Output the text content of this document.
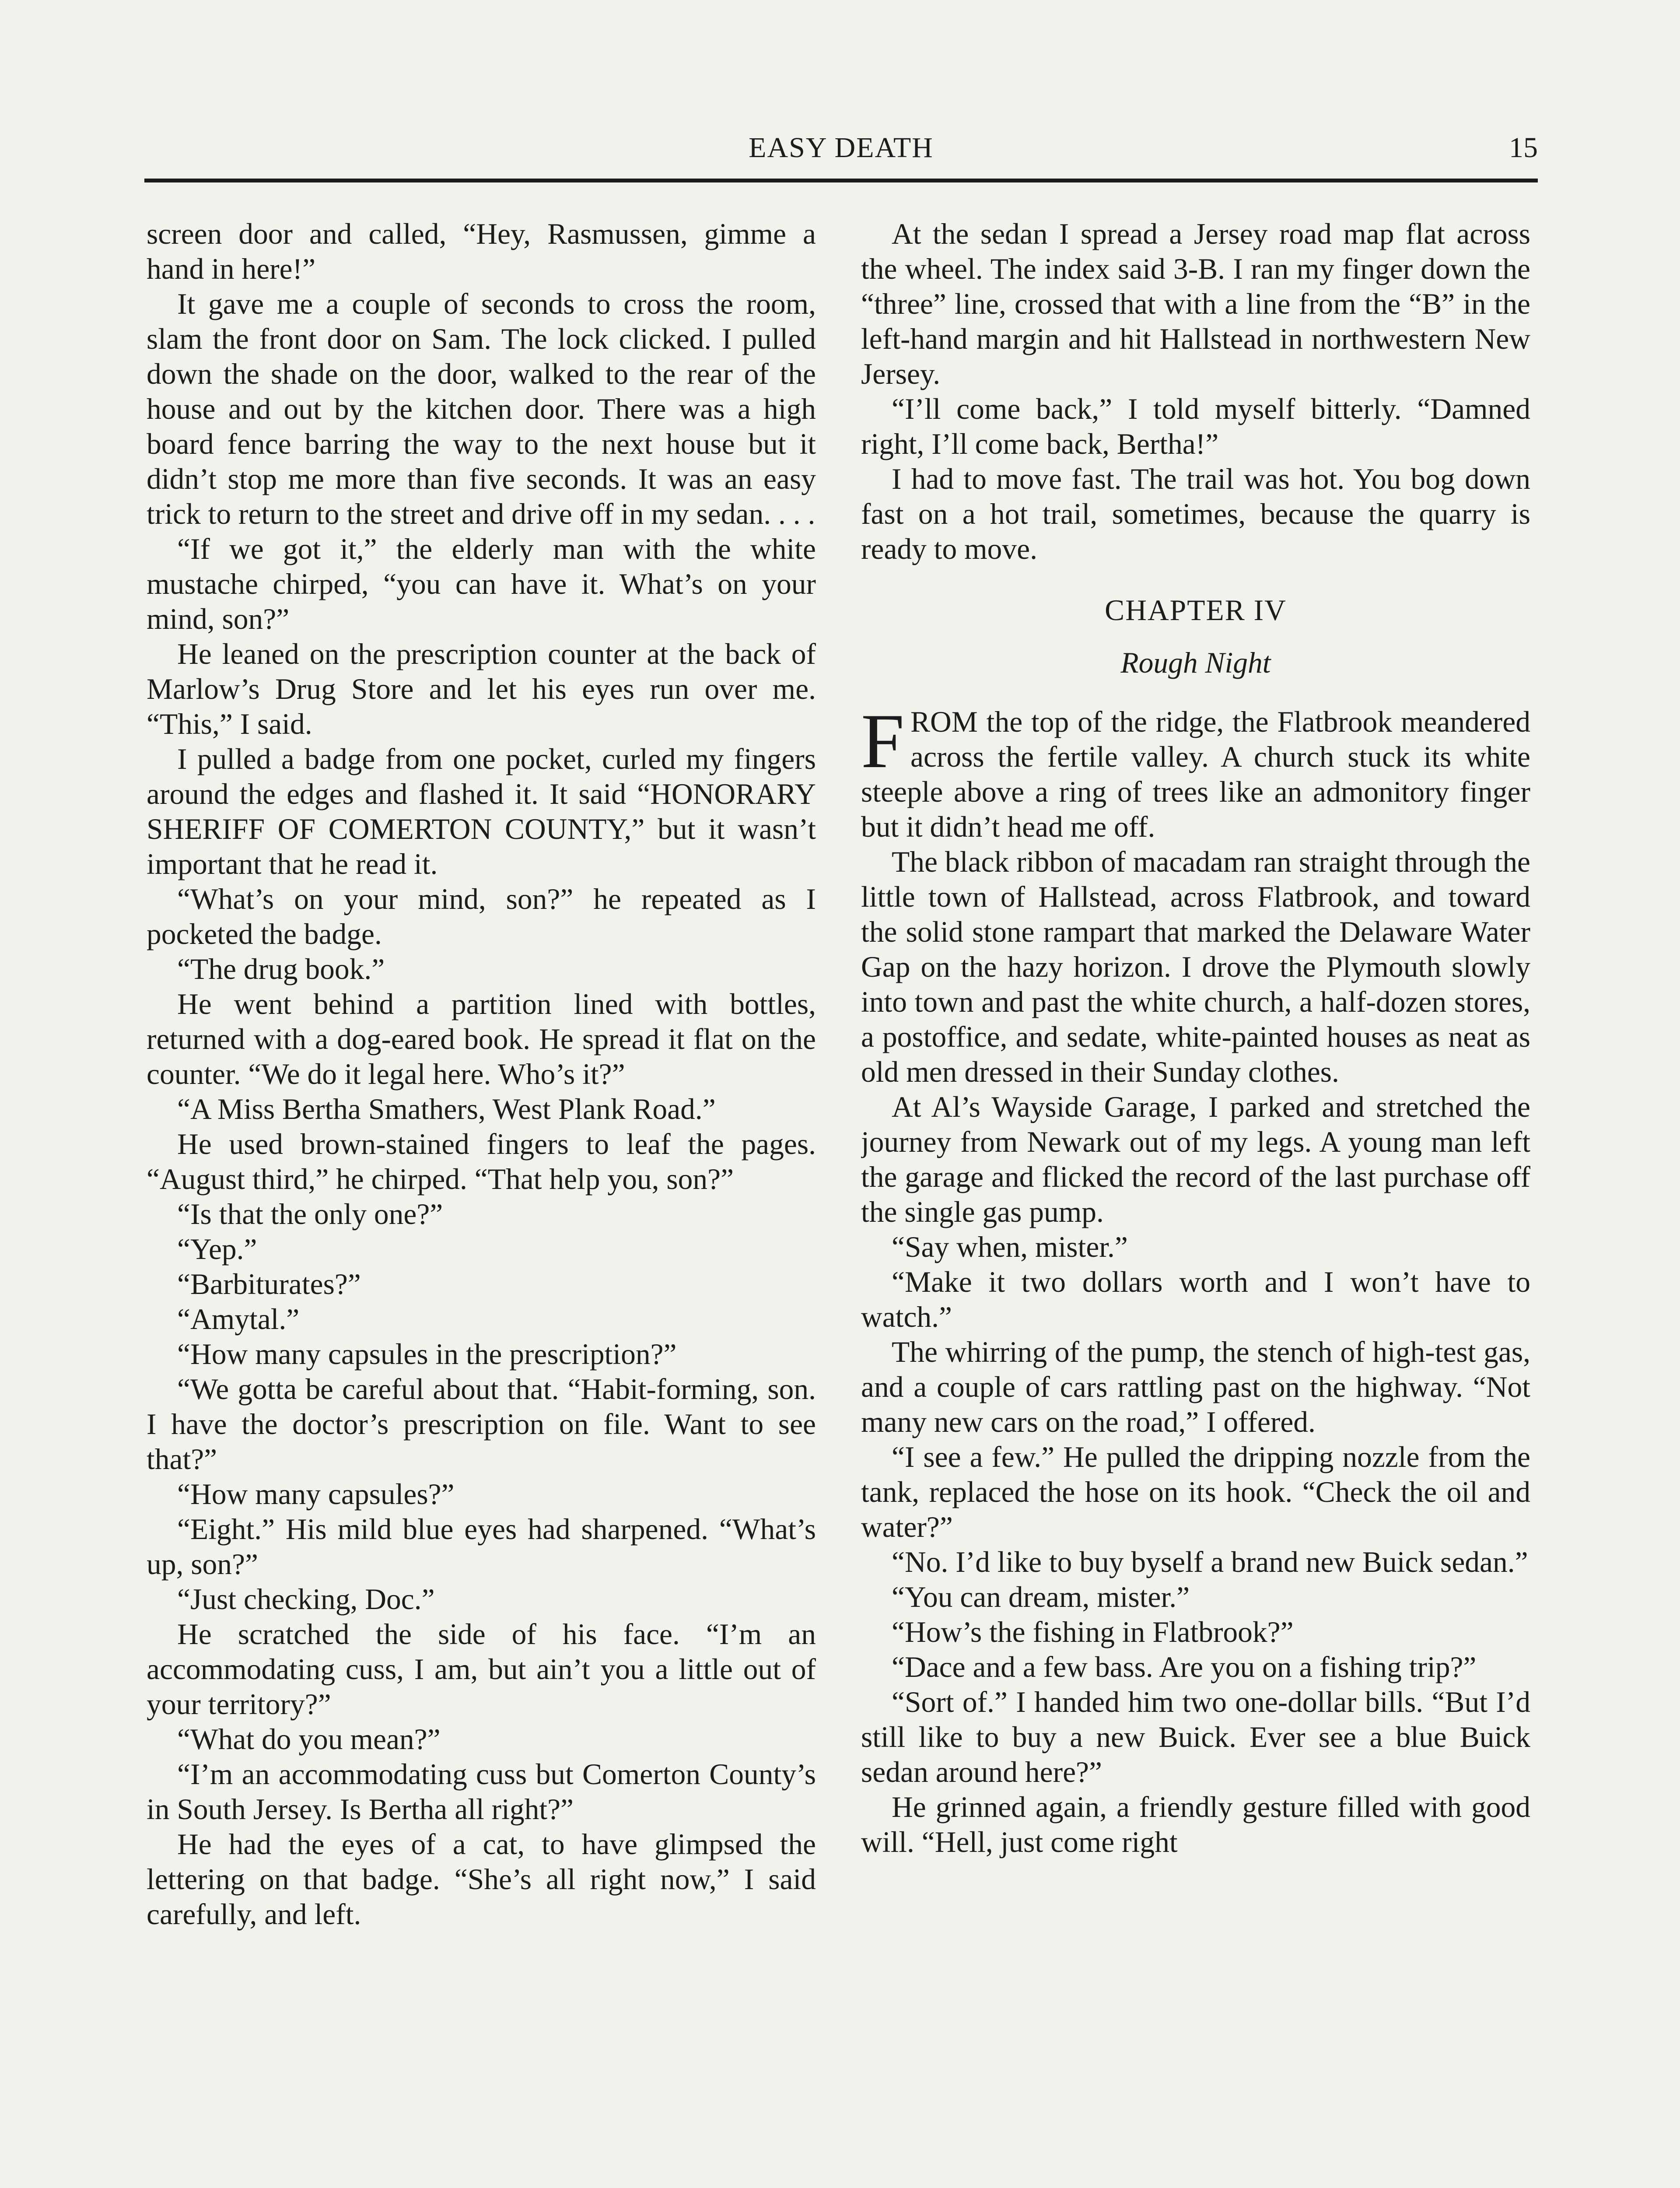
EASY DEATH	15

screen door and called, “Hey, Rasmussen, gimme a hand in here!”

It gave me a couple of seconds to cross the room, slam the front door on Sam. The lock clicked. I pulled down the shade on the door, walked to the rear of the house and out by the kitchen door. There was a high board fence barring the way to the next house but it didn’t stop me more than five seconds. It was an easy trick to return to the street and drive off in my sedan. . . .

“If we got it,” the elderly man with the white mustache chirped, “you can have it. What’s on your mind, son?”

He leaned on the prescription counter at the back of Marlow’s Drug Store and let his eyes run over me. “This,” I said.

I pulled a badge from one pocket, curled my fingers around the edges and flashed it. It said “HONORARY SHERIFF OF COMERTON COUNTY,” but it wasn’t important that he read it.

“What’s on your mind, son?” he repeated as I pocketed the badge.

“The drug book.”

He went behind a partition lined with bottles, returned with a dog-eared book. He spread it flat on the counter. “We do it legal here. Who’s it?”

“A Miss Bertha Smathers, West Plank Road.”

He used brown-stained fingers to leaf the pages. “August third,” he chirped. “That help you, son?”

“Is that the only one?”

“Yep.”

“Barbiturates?”

“Amytal.”

“How many capsules in the prescription?”

“We gotta be careful about that. “Habit-forming, son. I have the doctor’s prescription on file. Want to see that?”

“How many capsules?”

“Eight.” His mild blue eyes had sharpened. “What’s up, son?”

“Just checking, Doc.”

He scratched the side of his face. “I’m an accommodating cuss, I am, but ain’t you a little out of your territory?”

“What do you mean?”

“I’m an accommodating cuss but Comerton County’s in South Jersey. Is Bertha all right?”

He had the eyes of a cat, to have glimpsed the lettering on that badge. “She’s all right now,” I said carefully, and left.

At the sedan I spread a Jersey road map flat across the wheel. The index said 3-B. I ran my finger down the “three” line, crossed that with a line from the “B” in the left-hand margin and hit Hallstead in northwestern New Jersey.

“I’ll come back,” I told myself bitterly. “Damned right, I’ll come back, Bertha!”

I had to move fast. The trail was hot. You bog down fast on a hot trail, sometimes, because the quarry is ready to move.

CHAPTER IV
Rough Night

FROM the top of the ridge, the Flatbrook meandered across the fertile valley. A church stuck its white steeple above a ring of trees like an admonitory finger but it didn’t head me off.

The black ribbon of macadam ran straight through the little town of Hallstead, across Flatbrook, and toward the solid stone rampart that marked the Delaware Water Gap on the hazy horizon. I drove the Plymouth slowly into town and past the white church, a half-dozen stores, a postoffice, and sedate, white-painted houses as neat as old men dressed in their Sunday clothes.

At Al’s Wayside Garage, I parked and stretched the journey from Newark out of my legs. A young man left the garage and flicked the record of the last purchase off the single gas pump.

“Say when, mister.”

“Make it two dollars worth and I won’t have to watch.”

The whirring of the pump, the stench of high-test gas, and a couple of cars rattling past on the highway. “Not many new cars on the road,” I offered.

“I see a few.” He pulled the dripping nozzle from the tank, replaced the hose on its hook. “Check the oil and water?”

“No. I’d like to buy byself a brand new Buick sedan.”

“You can dream, mister.”

“How’s the fishing in Flatbrook?”

“Dace and a few bass. Are you on a fishing trip?”

“Sort of.” I handed him two one-dollar bills. “But I’d still like to buy a new Buick. Ever see a blue Buick sedan around here?”

He grinned again, a friendly gesture filled with good will. “Hell, just come right
